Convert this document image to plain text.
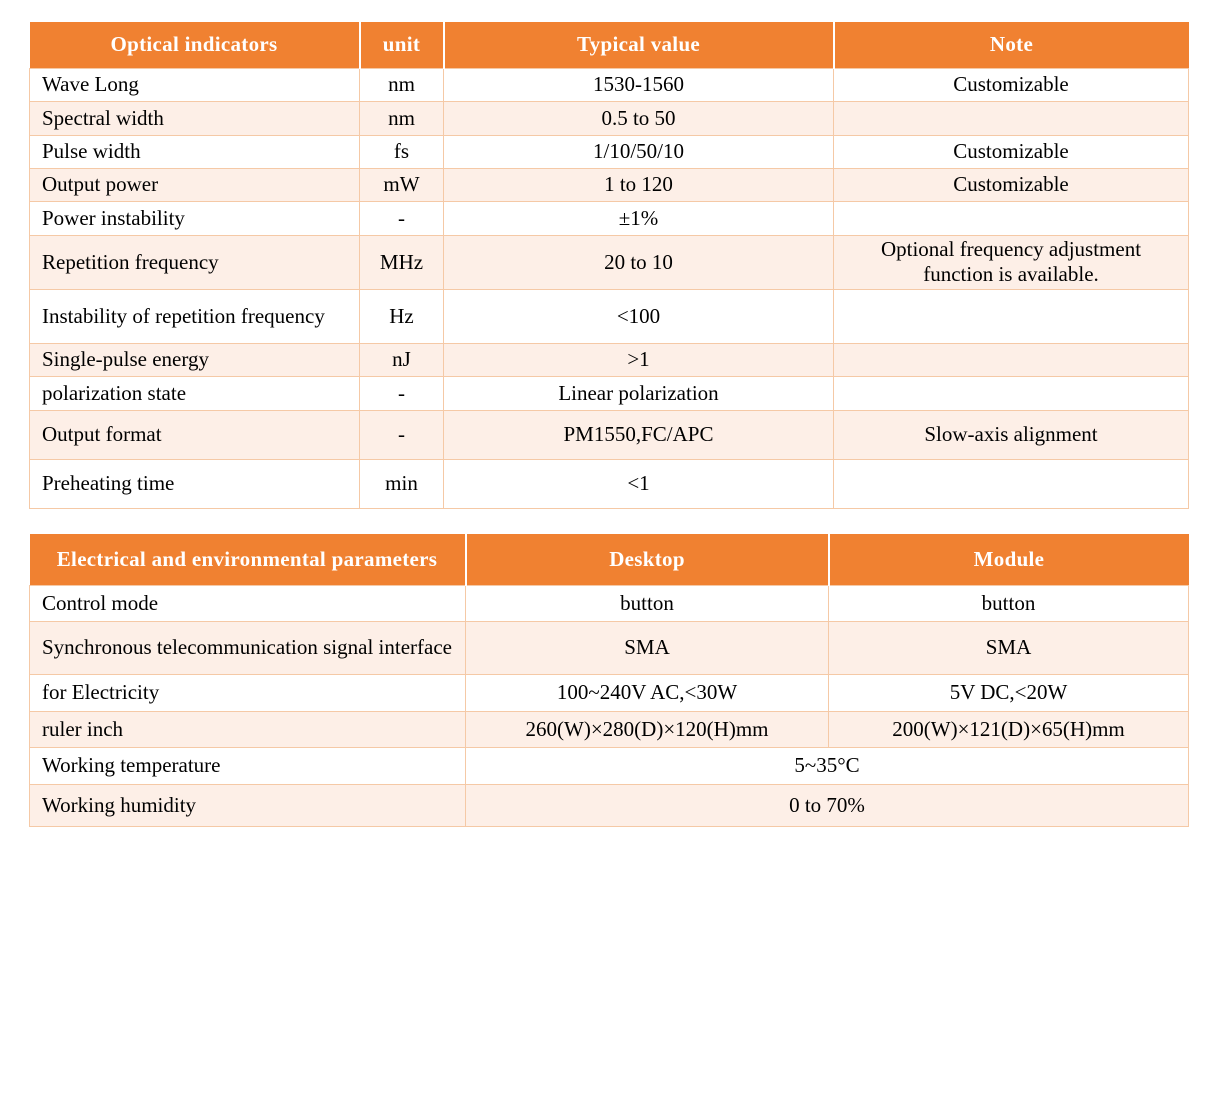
Optical indicators	unit	Typical value	Note
Wave Long	nm	1530-1560	Customizable
Spectral width	nm	0.5 to 50	
Pulse width	fs	1/10/50/10	Customizable
Output power	mW	1 to 120	Customizable
Power instability	-	±1%	
Repetition frequency	MHz	20 to 10	Optional frequency adjustment function is available.
Instability of repetition frequency	Hz	<100	
Single-pulse energy	nJ	>1	
polarization state	-	Linear polarization	
Output format	-	PM1550,FC/APC	Slow-axis alignment
Preheating time	min	<1	
Electrical and environmental parameters	Desktop	Module
Control mode	button	button
Synchronous telecommunication signal interface	SMA	SMA
for Electricity	100~240V AC,<30W	5V DC,<20W
ruler inch	260(W)×280(D)×120(H)mm	200(W)×121(D)×65(H)mm
Working temperature	5~35°C	
Working humidity	0 to 70%	
